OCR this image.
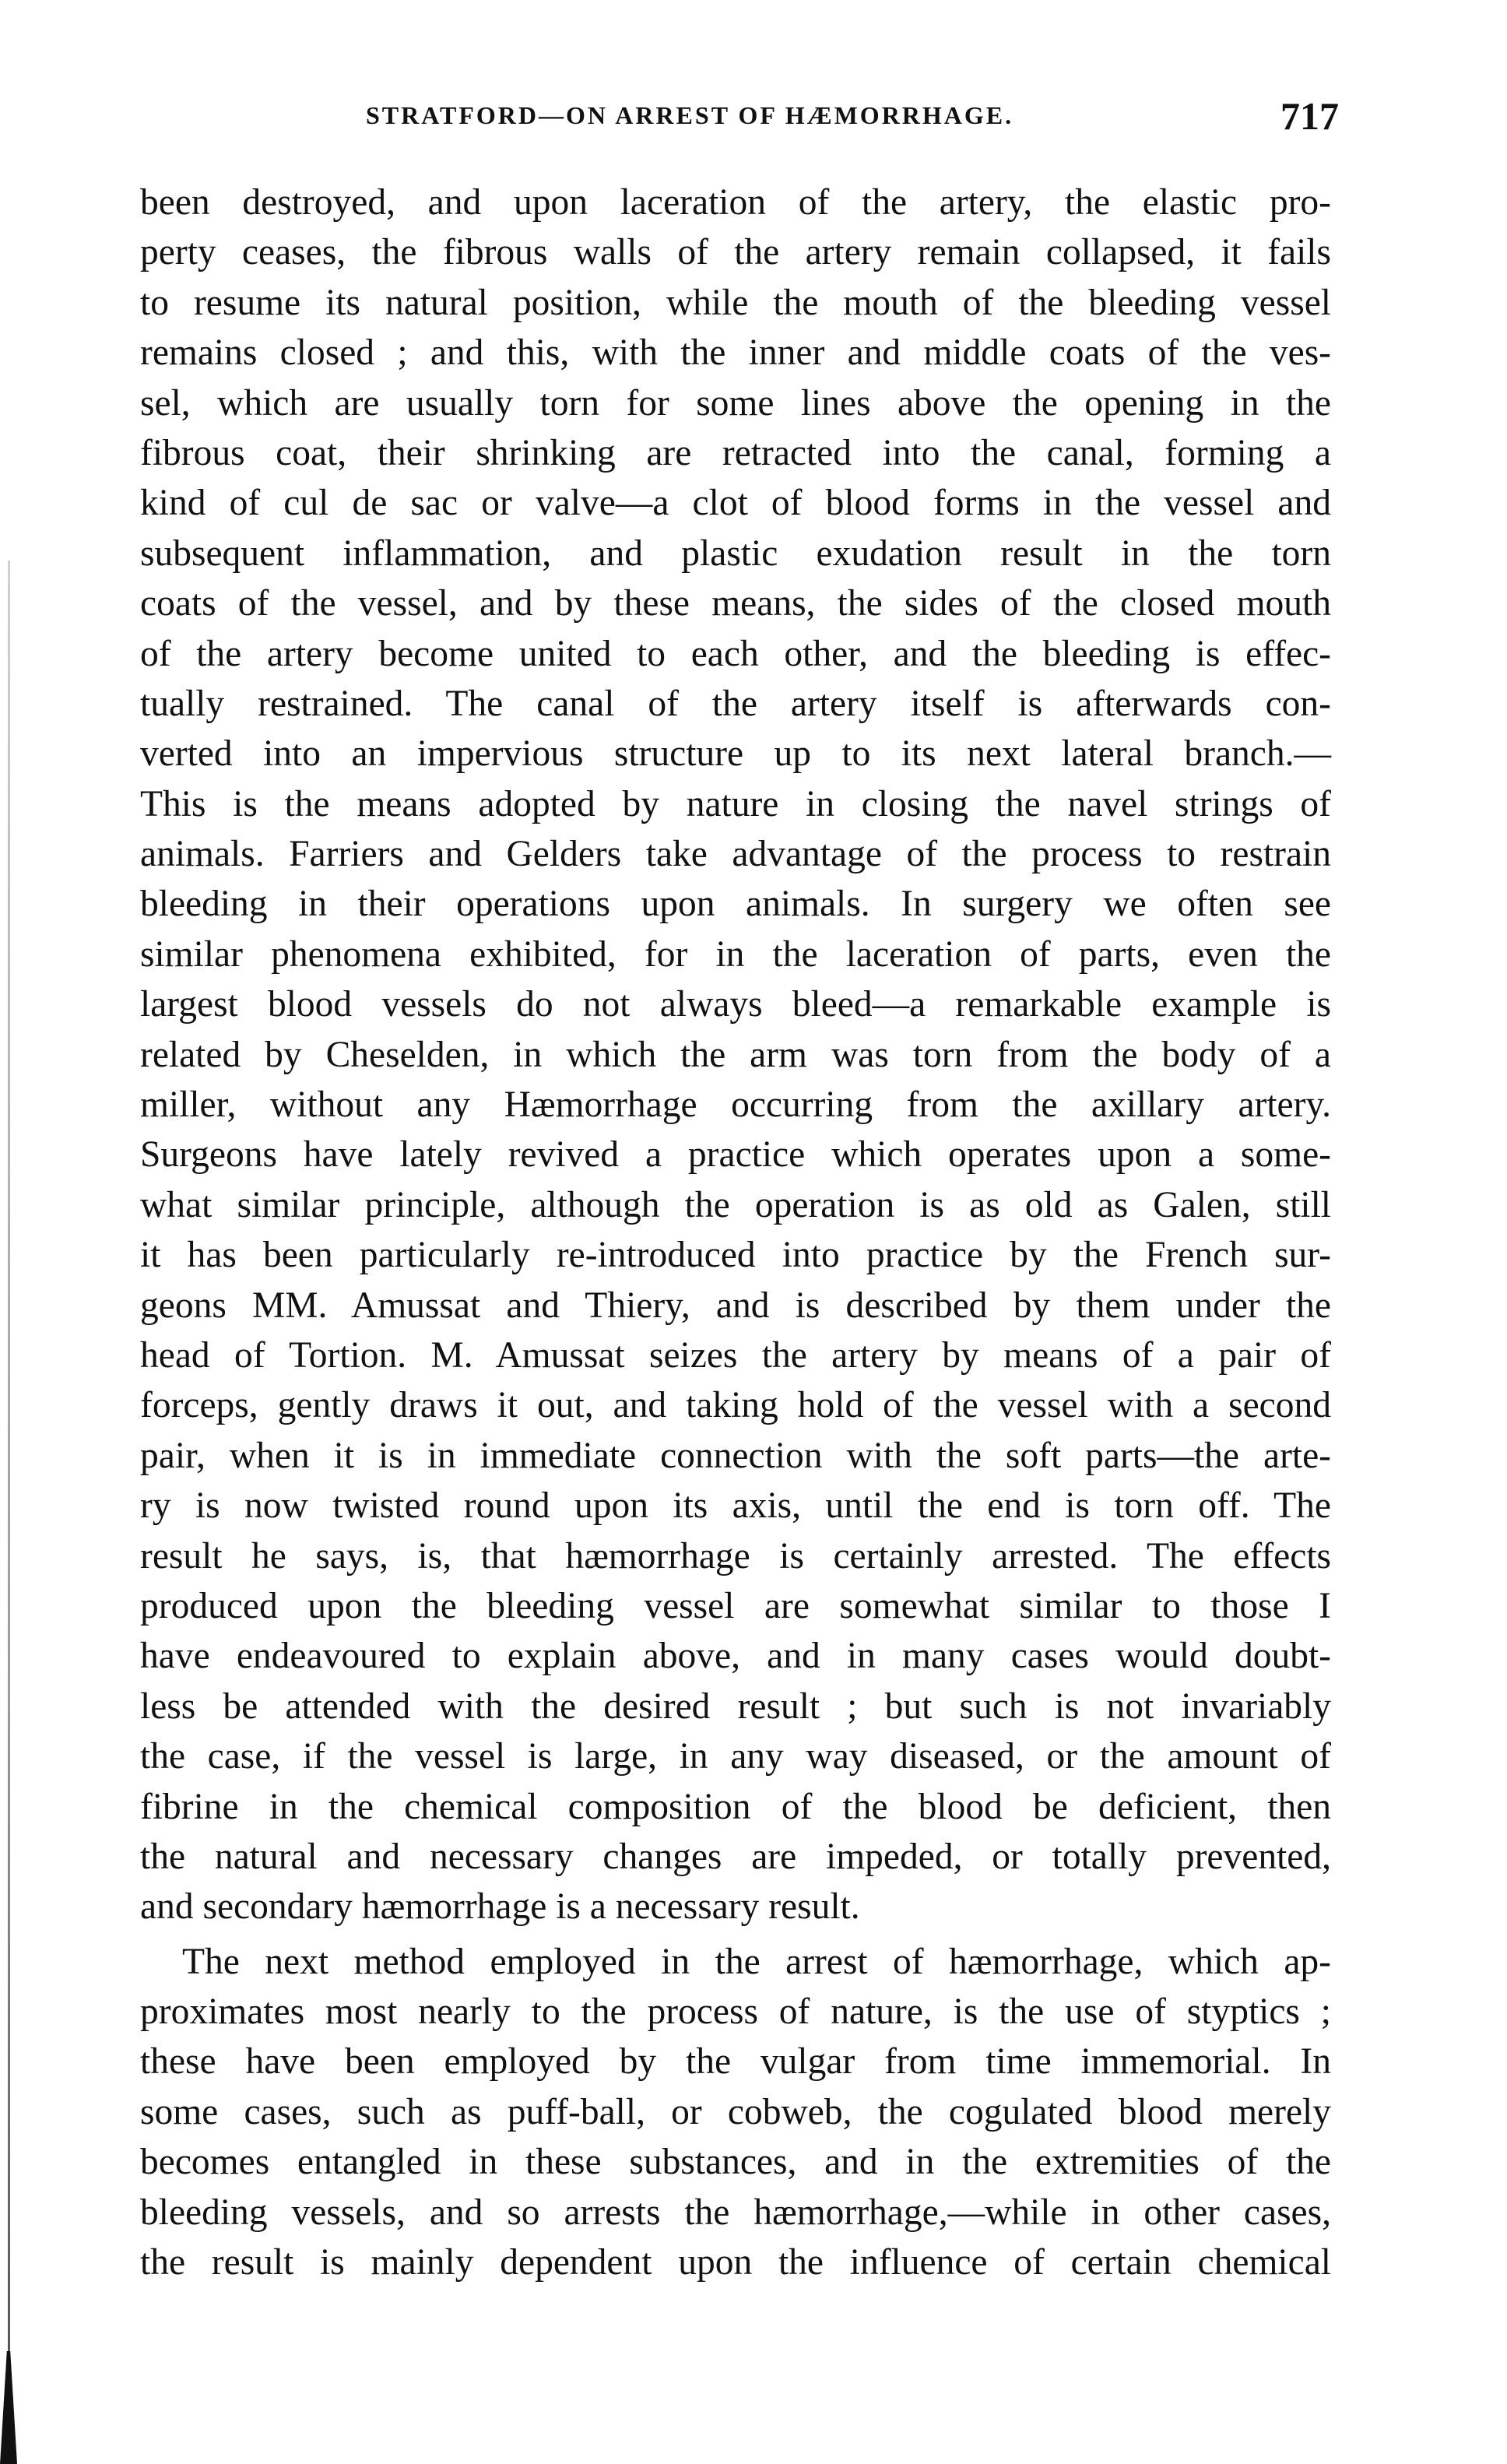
STRATFORD—ON ARREST OF HÆMORRHAGE.	717
been destroyed, and upon laceration of the artery, the elastic pro-
perty ceases, the fibrous walls of the artery remain collapsed, it fails
to resume its natural position, while the mouth of the bleeding vessel
remains closed ; and this, with the inner and middle coats of the ves-
sel, which are usually torn for some lines above the opening in the
fibrous coat, their shrinking are retracted into the canal, forming a
kind of cul de sac or valve—a clot of blood forms in the vessel and
subsequent inflammation, and plastic exudation result in the torn
coats of the vessel, and by these means, the sides of the closed mouth
of the artery become united to each other, and the bleeding is effec-
tually restrained. The canal of the artery itself is afterwards con-
verted into an impervious structure up to its next lateral branch.—
This is the means adopted by nature in closing the navel strings of
animals. Farriers and Gelders take advantage of the process to restrain
bleeding in their operations upon animals. In surgery we often see
similar phenomena exhibited, for in the laceration of parts, even the
largest blood vessels do not always bleed—a remarkable example is
related by Cheselden, in which the arm was torn from the body of a
miller, without any Hæmorrhage occurring from the axillary artery.
Surgeons have lately revived a practice which operates upon a some-
what similar principle, although the operation is as old as Galen, still
it has been particularly re-introduced into practice by the French sur-
geons MM. Amussat and Thiery, and is described by them under the
head of Tortion. M. Amussat seizes the artery by means of a pair of
forceps, gently draws it out, and taking hold of the vessel with a second
pair, when it is in immediate connection with the soft parts—the arte-
ry is now twisted round upon its axis, until the end is torn off. The
result he says, is, that hæmorrhage is certainly arrested. The effects
produced upon the bleeding vessel are somewhat similar to those I
have endeavoured to explain above, and in many cases would doubt-
less be attended with the desired result ; but such is not invariably
the case, if the vessel is large, in any way diseased, or the amount of
fibrine in the chemical composition of the blood be deficient, then
the natural and necessary changes are impeded, or totally prevented,
and secondary hæmorrhage is a necessary result.
The next method employed in the arrest of hæmorrhage, which ap-
proximates most nearly to the process of nature, is the use of styptics ;
these have been employed by the vulgar from time immemorial. In
some cases, such as puff-ball, or cobweb, the cogulated blood merely
becomes entangled in these substances, and in the extremities of the
bleeding vessels, and so arrests the hæmorrhage,—while in other cases,
the result is mainly dependent upon the influence of certain chemical
